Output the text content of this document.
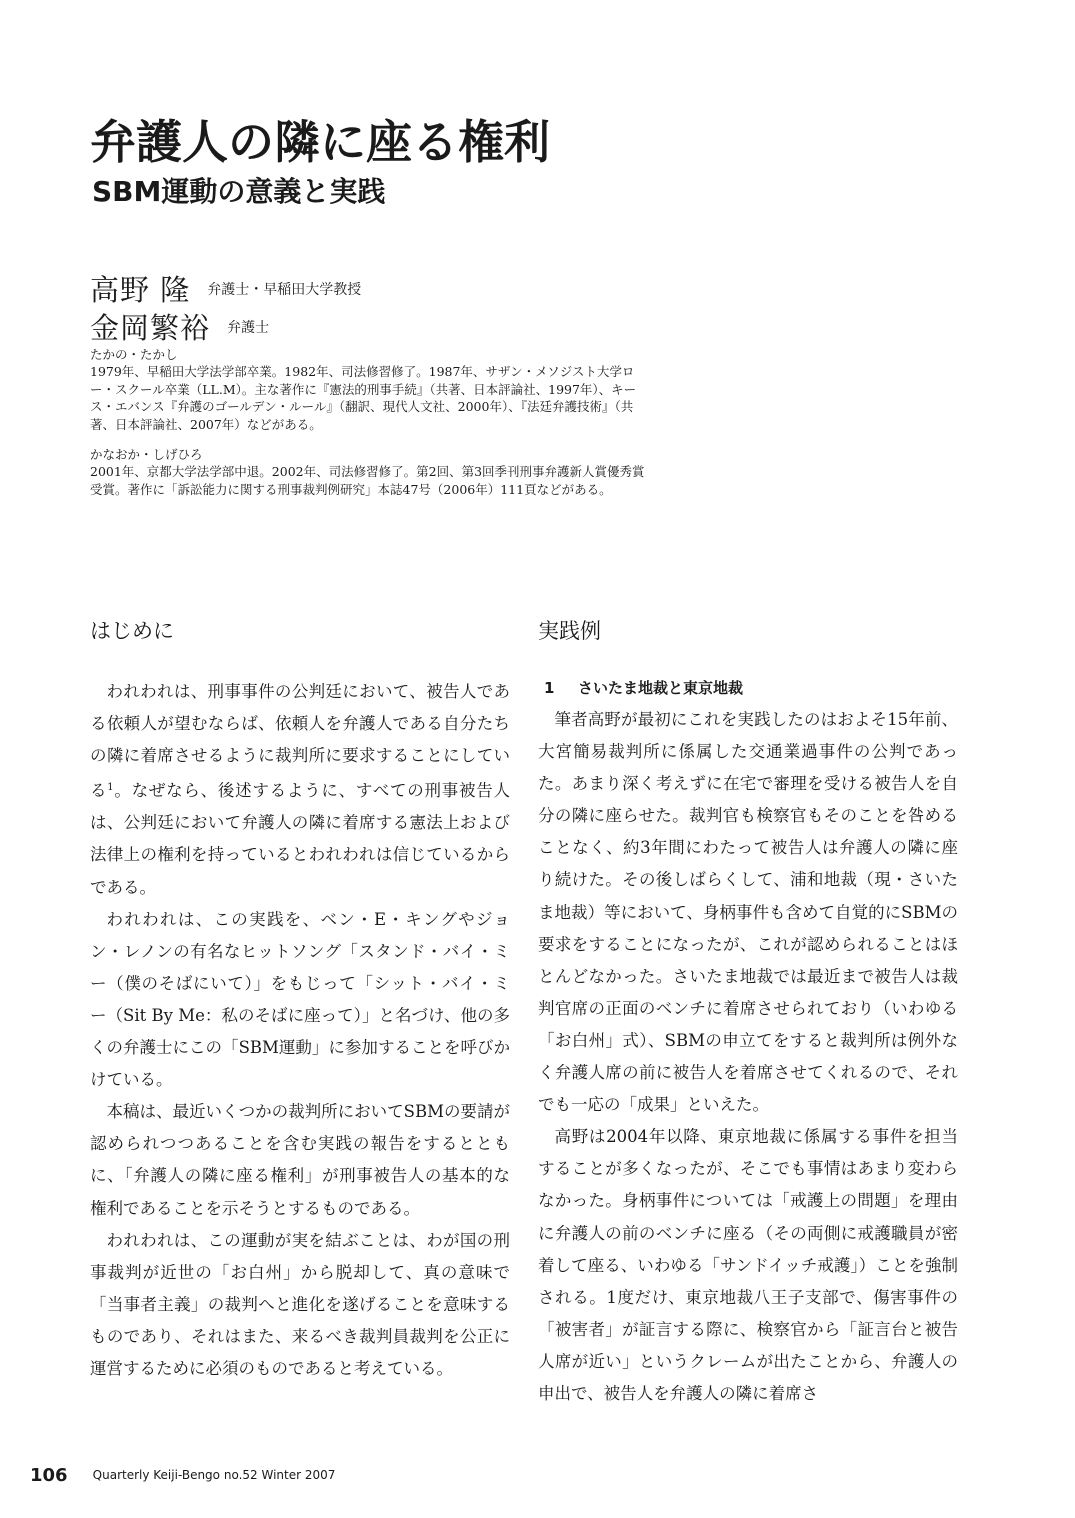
弁護人の隣に座る権利
SBM運動の意義と実践
高野 隆 弁護士・早稲田大学教授
金岡繁裕 弁護士

たかの・たかし

1979年、早稲田大学法学部卒業。1982年、司法修習修了。1987年、サザン・メソジスト大学ロー・スクール卒業（LL.M）。主な著作に『憲法的刑事手続』（共著、日本評論社、1997年）、キース・エバンス『弁護のゴールデン・ルール』（翻訳、現代人文社、2000年）、『法廷弁護技術』（共著、日本評論社、2007年）などがある。

かなおか・しげひろ

2001年、京都大学法学部中退。2002年、司法修習修了。第2回、第3回季刊刑事弁護新人賞優秀賞受賞。著作に「訴訟能力に関する刑事裁判例研究」本誌47号（2006年）111頁などがある。

はじめに

われわれは、刑事事件の公判廷において、被告人である依頼人が望むならば、依頼人を弁護人である自分たちの隣に着席させるように裁判所に要求することにしている$^1$。なぜなら、後述するように、すべての刑事被告人は、公判廷において弁護人の隣に着席する憲法上および法律上の権利を持っているとわれわれは信じているからである。

われわれは、この実践を、ベン・E・キングやジョン・レノンの有名なヒットソング「スタンド・バイ・ミー（僕のそばにいて）」をもじって「シット・バイ・ミー（Sit By Me：私のそばに座って）」と名づけ、他の多くの弁護士にこの「SBM運動」に参加することを呼びかけている。

本稿は、最近いくつかの裁判所においてSBMの要請が認められつつあることを含む実践の報告をするとともに、「弁護人の隣に座る権利」が刑事被告人の基本的な権利であることを示そうとするものである。

われわれは、この運動が実を結ぶことは、わが国の刑事裁判が近世の「お白州」から脱却して、真の意味で「当事者主義」の裁判へと進化を遂げることを意味するものであり、それはまた、来るべき裁判員裁判を公正に運営するために必須のものであると考えている。

実践例
1 さいたま地裁と東京地裁

筆者高野が最初にこれを実践したのはおよそ15年前、大宮簡易裁判所に係属した交通業過事件の公判であった。あまり深く考えずに在宅で審理を受ける被告人を自分の隣に座らせた。裁判官も検察官もそのことを咎めることなく、約3年間にわたって被告人は弁護人の隣に座り続けた。その後しばらくして、浦和地裁（現・さいたま地裁）等において、身柄事件も含めて自覚的にSBMの要求をすることになったが、これが認められることはほとんどなかった。さいたま地裁では最近まで被告人は裁判官席の正面のベンチに着席させられており（いわゆる「お白州」式）、SBMの申立てをすると裁判所は例外なく弁護人席の前に被告人を着席させてくれるので、それでも一応の「成果」といえた。

高野は2004年以降、東京地裁に係属する事件を担当することが多くなったが、そこでも事情はあまり変わらなかった。身柄事件については「戒護上の問題」を理由に弁護人の前のベンチに座る（その両側に戒護職員が密着して座る、いわゆる「サンドイッチ戒護」）ことを強制される。1度だけ、東京地裁八王子支部で、傷害事件の「被害者」が証言する際に、検察官から「証言台と被告人席が近い」というクレームが出たことから、弁護人の申出で、被告人を弁護人の隣に着席さ

106 Quarterly Keiji-Bengo no.52 Winter 2007
